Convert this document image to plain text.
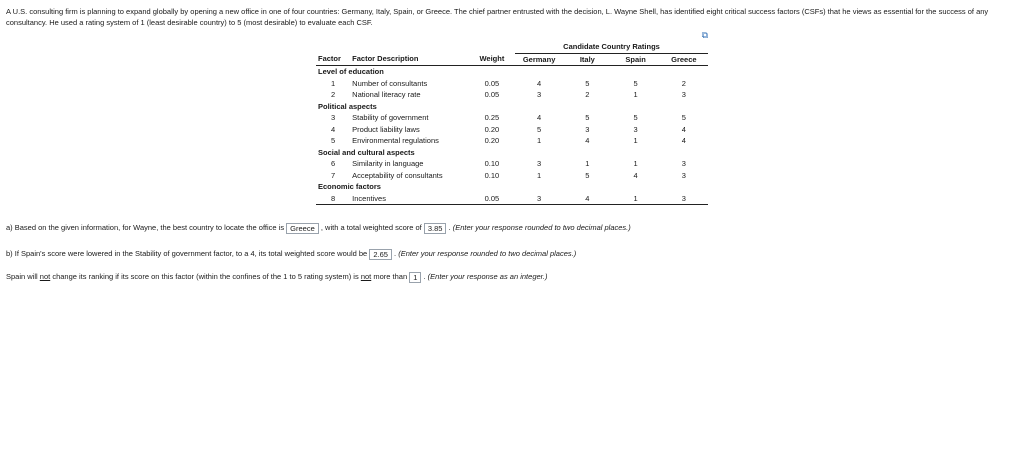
A U.S. consulting firm is planning to expand globally by opening a new office in one of four countries: Germany, Italy, Spain, or Greece. The chief partner entrusted with the decision, L. Wayne Shell, has identified eight critical success factors (CSFs) that he views as essential for the success of any consultancy. He used a rating system of 1 (least desirable country) to 5 (most desirable) to evaluate each CSF.

⧉
			Candidate Country Ratings			
Factor	Factor Description	Weight	Germany	Italy	Spain	Greece
Level of education						
1	Number of consultants	0.05	4	5	5	2
2	National literacy rate	0.05	3	2	1	3
Political aspects						
3	Stability of government	0.25	4	5	5	5
4	Product liability laws	0.20	5	3	3	4
5	Environmental regulations	0.20	1	4	1	4
Social and cultural aspects						
6	Similarity in language	0.10	3	1	1	3
7	Acceptability of consultants	0.10	1	5	4	3
Economic factors						
8	Incentives	0.05	3	4	1	3

a) Based on the given information, for Wayne, the best country to locate the office is Greece , with a total weighted score of 3.85 . (Enter your response rounded to two decimal places.)

b) If Spain's score were lowered in the Stability of government factor, to a 4, its total weighted score would be 2.65 . (Enter your response rounded to two decimal places.)

Spain will not change its ranking if its score on this factor (within the confines of the 1 to 5 rating system) is not more than 1 . (Enter your response as an integer.)
